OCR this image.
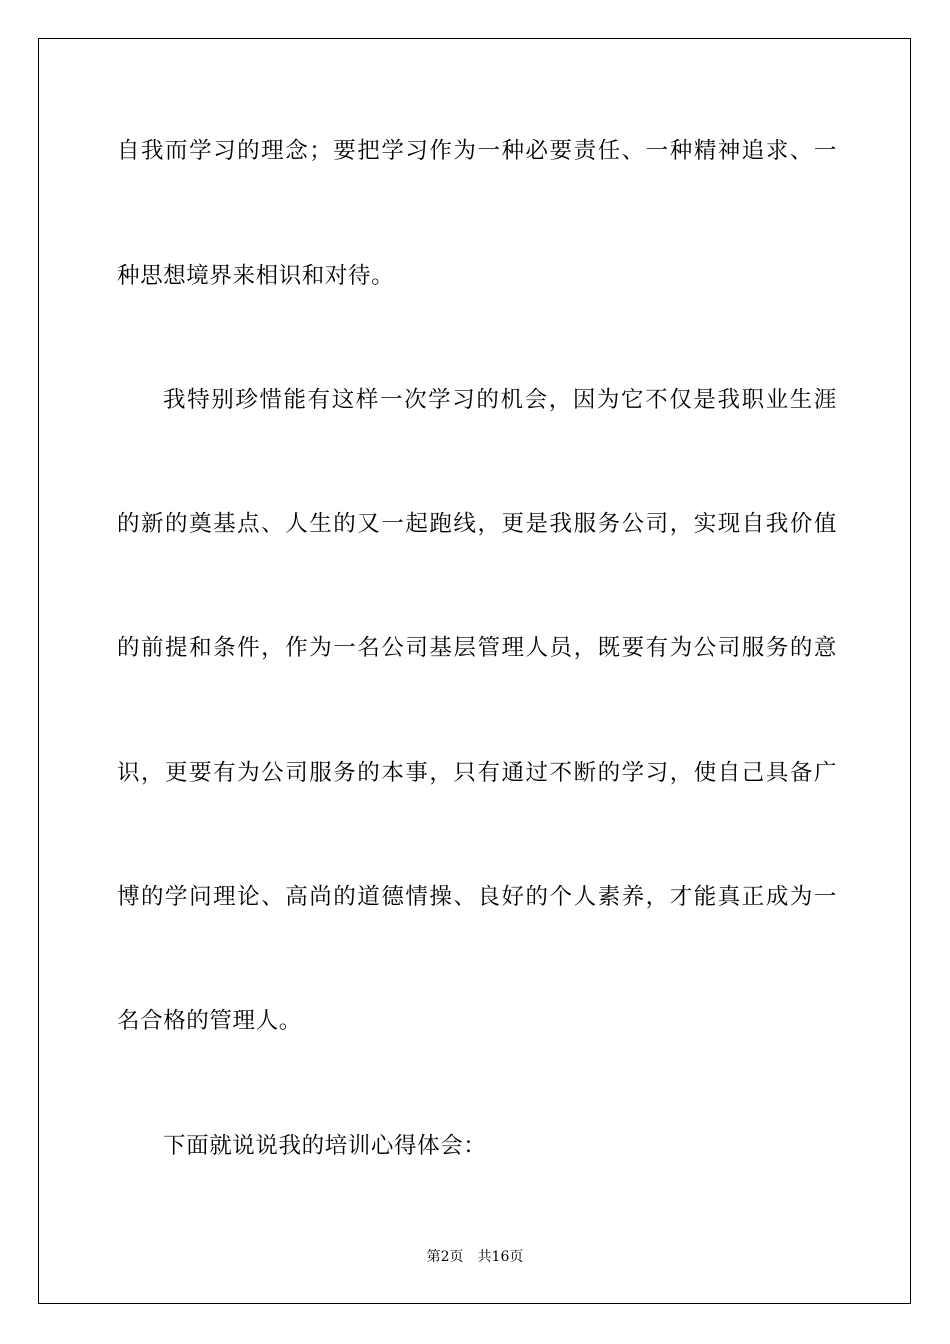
自我而学习的理念；要把学习作为一种必要责任、一种精神追求、一

种思想境界来相识和对待。

我特别珍惜能有这样一次学习的机会，因为它不仅是我职业生涯

的新的奠基点、人生的又一起跑线，更是我服务公司，实现自我价值

的前提和条件，作为一名公司基层管理人员，既要有为公司服务的意

识，更要有为公司服务的本事，只有通过不断的学习，使自己具备广

博的学问理论、高尚的道德情操、良好的个人素养，才能真正成为一

名合格的管理人。

下面就说说我的培训心得体会：

第2页 共16页
